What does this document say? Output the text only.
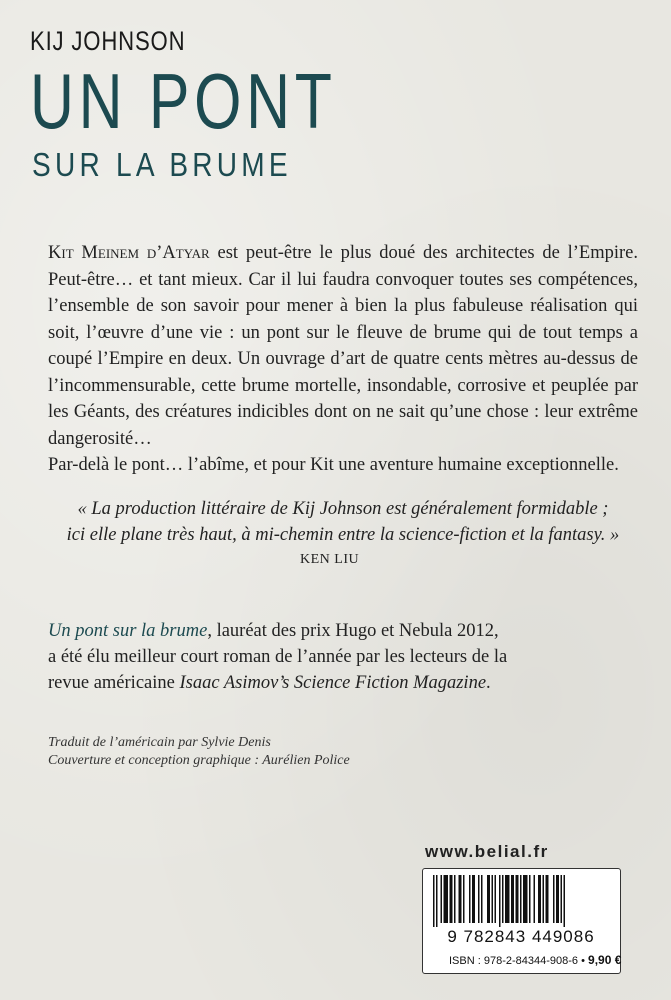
KIJ JOHNSON
UN PONT
SUR LA BRUME

Kit Meinem d’Atyar est peut-être le plus doué des architectes de l’Empire. Peut-être… et tant mieux. Car il lui faudra convoquer toutes ses compétences, l’ensemble de son savoir pour mener à bien la plus fabuleuse réalisation qui soit, l’œuvre d’une vie : un pont sur le fleuve de brume qui de tout temps a coupé l’Empire en deux. Un ouvrage d’art de quatre cents mètres au-dessus de l’incommensurable, cette brume mortelle, insondable, corrosive et peuplée par les Géants, des créatures indicibles dont on ne sait qu’une chose : leur extrême dangerosité…

Par-delà le pont… l’abîme, et pour Kit une aventure humaine exceptionnelle.

« La production littéraire de Kij Johnson est généralement formidable ;

ici elle plane très haut, à mi-chemin entre la science-fiction et la fantasy. »

KEN LIU
Un pont sur la brume, lauréat des prix Hugo et Nebula 2012,
a été élu meilleur court roman de l’année par les lecteurs de la
revue américaine Isaac Asimov’s Science Fiction Magazine.
Traduit de l’américain par Sylvie Denis
Couverture et conception graphique : Aurélien Police
www.belial.fr
9 782843 449086
ISBN : 978-2-84344-908-6 • 9,90 €
